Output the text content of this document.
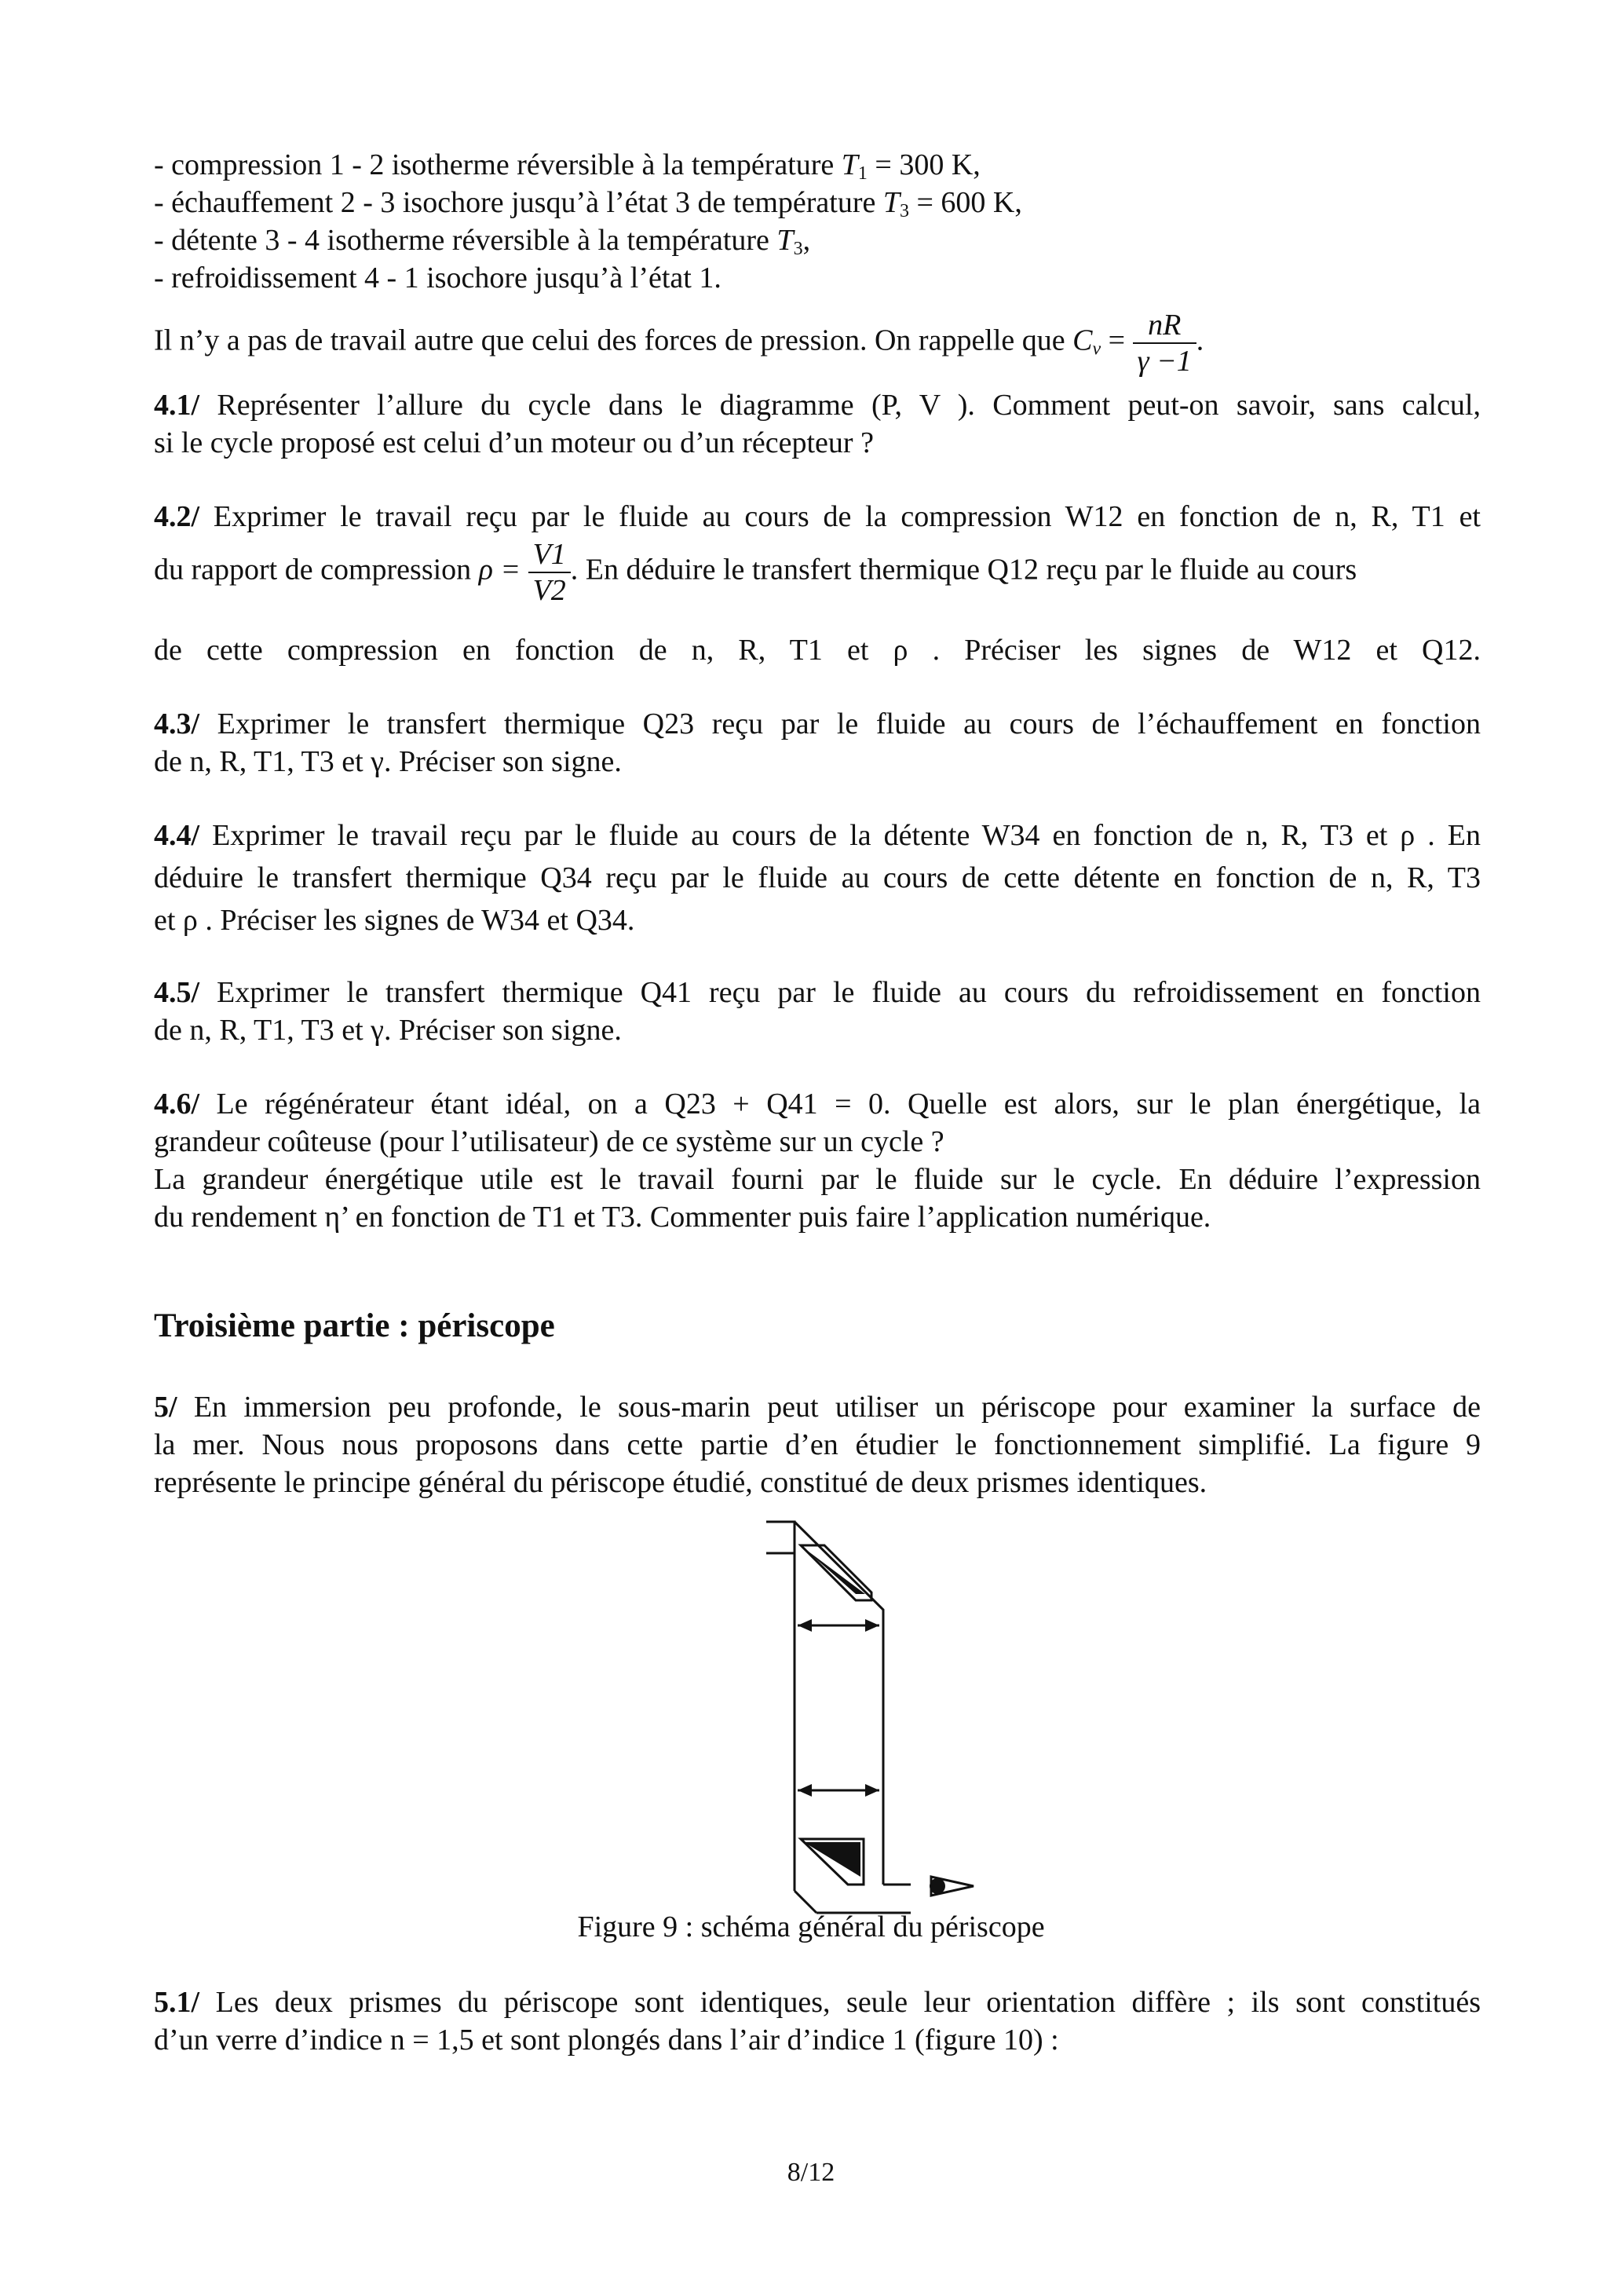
- compression 1 - 2 isotherme réversible à la température $T_1 = 300$ K,
- échauffement 2 - 3 isochore jusqu’à l’état 3 de température $T_3 = 600$ K,
- détente 3 - 4 isotherme réversible à la température $T_3$,
- refroidissement 4 - 1 isochore jusqu’à l’état 1.
Il n’y a pas de travail autre que celui des forces de pression. On rappelle que $C_v = \frac{nR}{\gamma -1}$ .
4.1/ Représenter l’allure du cycle dans le diagramme (P, V ). Comment peut-on savoir, sans calcul,
si le cycle proposé est celui d’un moteur ou d’un récepteur ?
4.2/ Exprimer le travail reçu par le fluide au cours de la compression W12 en fonction de n, R, T1 et
du rapport de compression $\rho = \frac{V1}{V2}$ . En déduire le transfert thermique Q12 reçu par le fluide au cours
de cette compression en fonction de n, R, T1 et ρ . Préciser les signes de W12 et Q12.
4.3/ Exprimer le transfert thermique Q23 reçu par le fluide au cours de l’échauffement en fonction
de n, R, T1, T3 et γ. Préciser son signe.
4.4/ Exprimer le travail reçu par le fluide au cours de la détente W34 en fonction de n, R, T3 et ρ . En
déduire le transfert thermique Q34 reçu par le fluide au cours de cette détente en fonction de n, R, T3
et ρ . Préciser les signes de W34 et Q34.
4.5/ Exprimer le transfert thermique Q41 reçu par le fluide au cours du refroidissement en fonction
de n, R, T1, T3 et γ. Préciser son signe.
4.6/ Le régénérateur étant idéal, on a Q23 + Q41 = 0. Quelle est alors, sur le plan énergétique, la
grandeur coûteuse (pour l’utilisateur) de ce système sur un cycle ?
La grandeur énergétique utile est le travail fourni par le fluide sur le cycle. En déduire l’expression
du rendement η’ en fonction de T1 et T3. Commenter puis faire l’application numérique.
Troisième partie : périscope
5/ En immersion peu profonde, le sous-marin peut utiliser un périscope pour examiner la surface de
la mer. Nous nous proposons dans cette partie d’en étudier le fonctionnement simplifié. La figure 9
représente le principe général du périscope étudié, constitué de deux prismes identiques.
Figure 9 : schéma général du périscope
5.1/ Les deux prismes du périscope sont identiques, seule leur orientation diffère ; ils sont constitués
d’un verre d’indice n = 1,5 et sont plongés dans l’air d’indice 1 (figure 10) :
8/12
